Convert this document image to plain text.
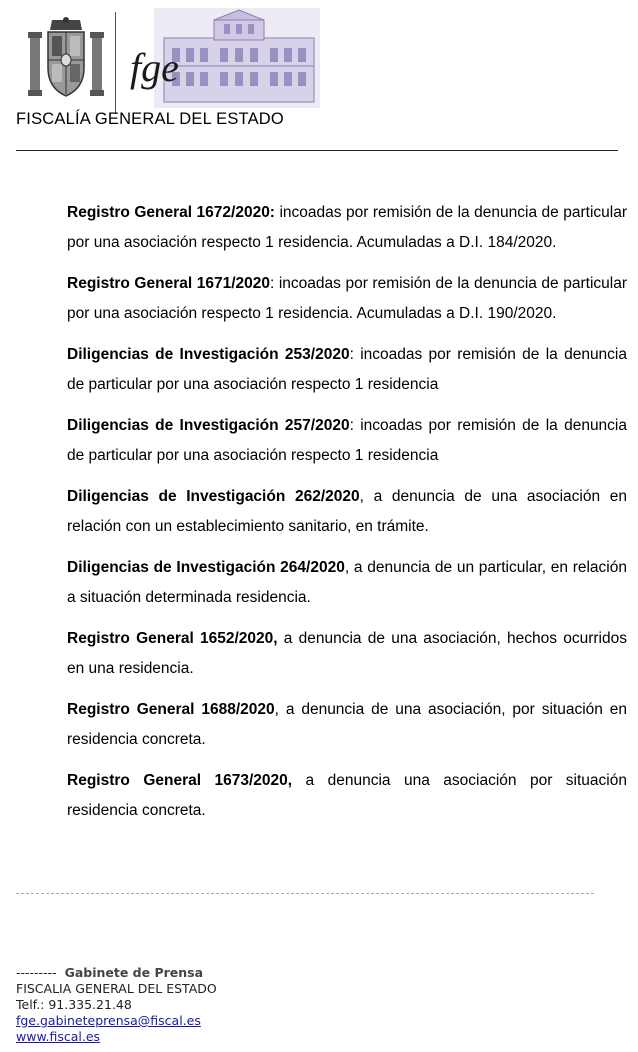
fge
FISCALÍA GENERAL DEL ESTADO

Registro General 1672/2020: incoadas por remisión de la denuncia de particular por una asociación respecto 1 residencia. Acumuladas a D.I. 184/2020.

Registro General 1671/2020: incoadas por remisión de la denuncia de particular por una asociación respecto 1 residencia. Acumuladas a D.I. 190/2020.

Diligencias de Investigación 253/2020: incoadas por remisión de la denuncia de particular por una asociación respecto 1 residencia

Diligencias de Investigación 257/2020: incoadas por remisión de la denuncia de particular por una asociación respecto 1 residencia

Diligencias de Investigación 262/2020, a denuncia de una asociación en relación con un establecimiento sanitario, en trámite.

Diligencias de Investigación 264/2020, a denuncia de un particular, en relación a situación determinada residencia.

Registro General 1652/2020, a denuncia de una asociación, hechos ocurridos en una residencia.

Registro General 1688/2020, a denuncia de una asociación, por situación en residencia concreta.

Registro General 1673/2020, a denuncia una asociación por situación residencia concreta.

--------- Gabinete de Prensa
FISCALIA GENERAL DEL ESTADO
Telf.: 91.335.21.48
fge.gabineteprensa@fiscal.es
www.fiscal.es
